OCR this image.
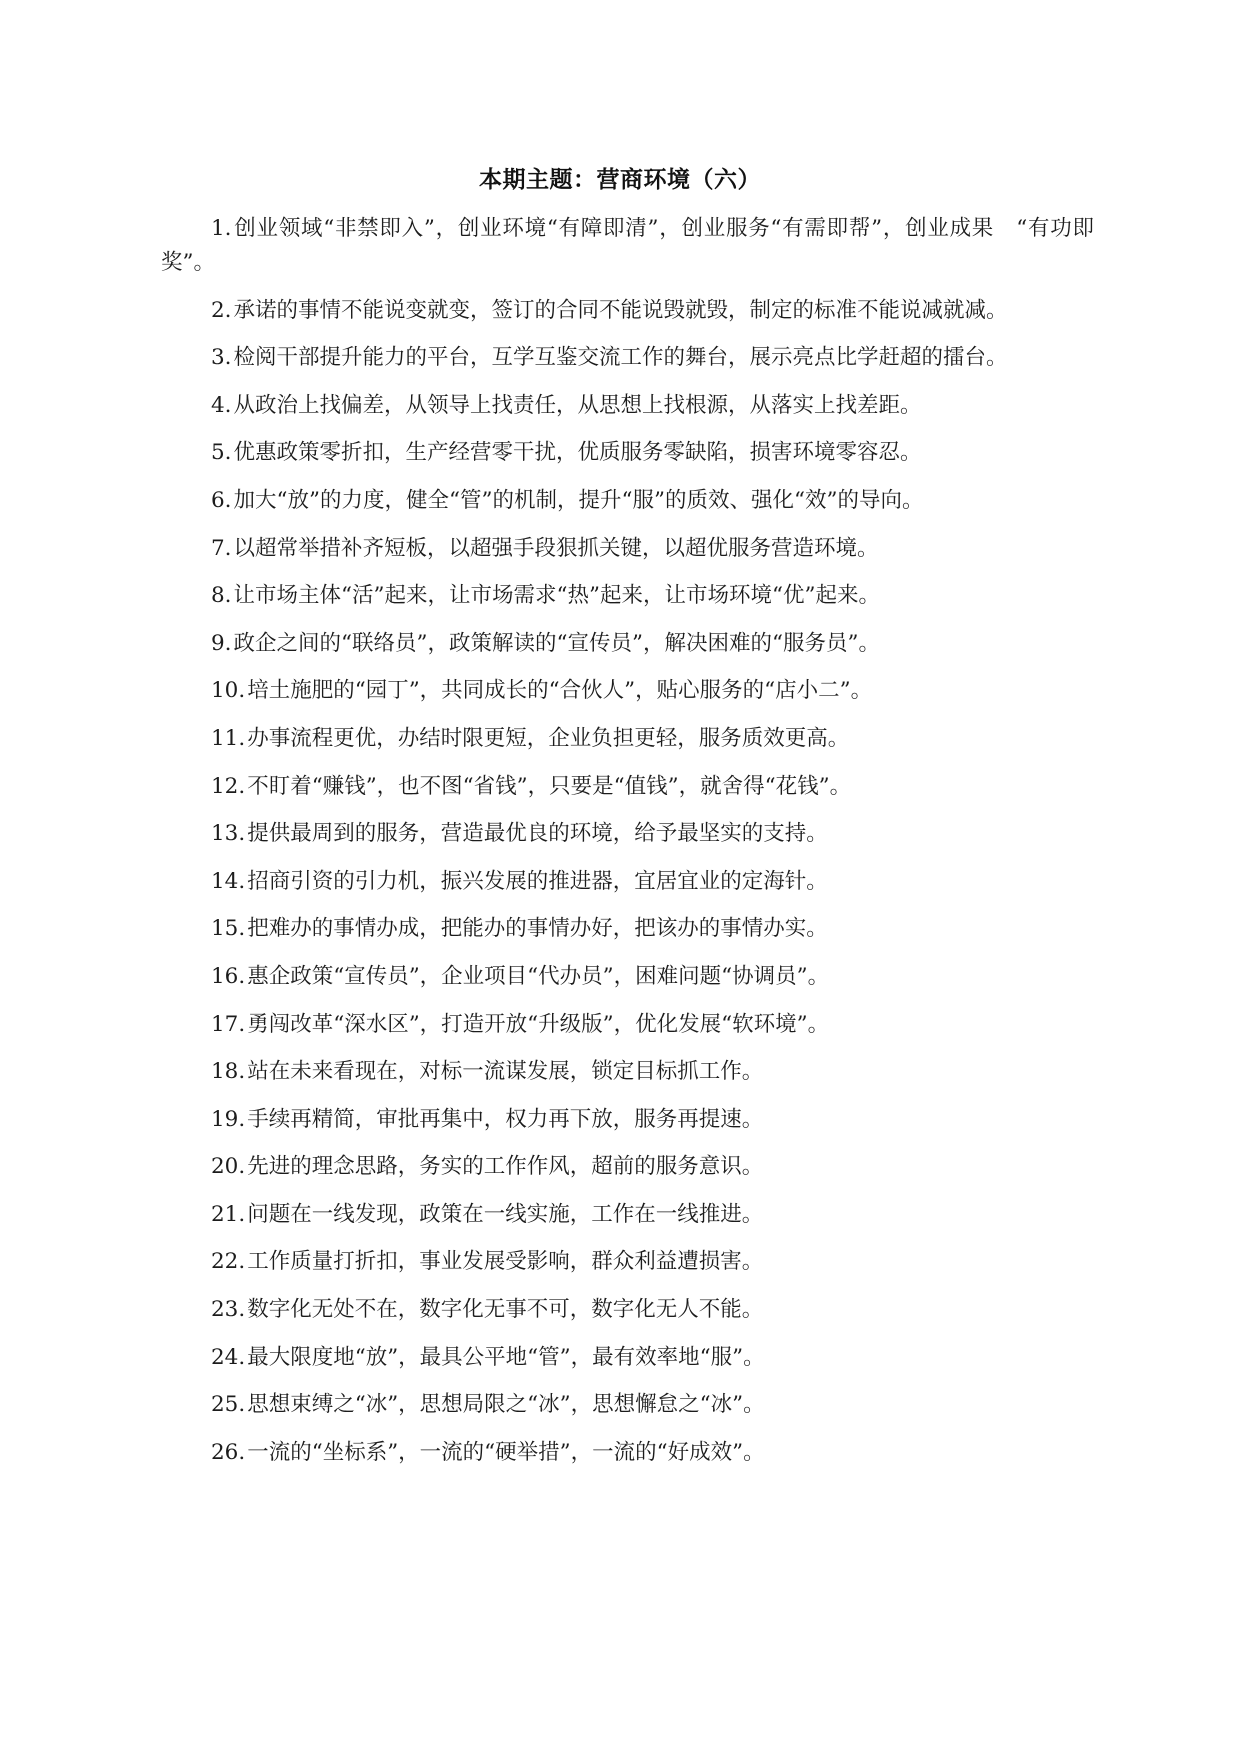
本期主题：营商环境（六）
1.创业领域“非禁即入”，创业环境“有障即清”，创业服务“有需即帮”，创业成果　“有功即奖”。
2.承诺的事情不能说变就变，签订的合同不能说毁就毁，制定的标准不能说减就减。
3.检阅干部提升能力的平台，互学互鉴交流工作的舞台，展示亮点比学赶超的擂台。
4.从政治上找偏差，从领导上找责任，从思想上找根源，从落实上找差距。
5.优惠政策零折扣，生产经营零干扰，优质服务零缺陷，损害环境零容忍。
6.加大“放”的力度，健全“管”的机制，提升“服”的质效、强化“效”的导向。
7.以超常举措补齐短板，以超强手段狠抓关键，以超优服务营造环境。
8.让市场主体“活”起来，让市场需求“热”起来，让市场环境“优”起来。
9.政企之间的“联络员”，政策解读的“宣传员”，解决困难的“服务员”。
10.培土施肥的“园丁”，共同成长的“合伙人”，贴心服务的“店小二”。
11.办事流程更优，办结时限更短，企业负担更轻，服务质效更高。
12.不盯着“赚钱”，也不图“省钱”，只要是“值钱”，就舍得“花钱”。
13.提供最周到的服务，营造最优良的环境，给予最坚实的支持。
14.招商引资的引力机，振兴发展的推进器，宜居宜业的定海针。
15.把难办的事情办成，把能办的事情办好，把该办的事情办实。
16.惠企政策“宣传员”，企业项目“代办员”，困难问题“协调员”。
17.勇闯改革“深水区”，打造开放“升级版”，优化发展“软环境”。
18.站在未来看现在，对标一流谋发展，锁定目标抓工作。
19.手续再精简，审批再集中，权力再下放，服务再提速。
20.先进的理念思路，务实的工作作风，超前的服务意识。
21.问题在一线发现，政策在一线实施，工作在一线推进。
22.工作质量打折扣，事业发展受影响，群众利益遭损害。
23.数字化无处不在，数字化无事不可，数字化无人不能。
24.最大限度地“放”，最具公平地“管”，最有效率地“服”。
25.思想束缚之“冰”，思想局限之“冰”，思想懈怠之“冰”。
26.一流的“坐标系”，一流的“硬举措”，一流的“好成效”。
